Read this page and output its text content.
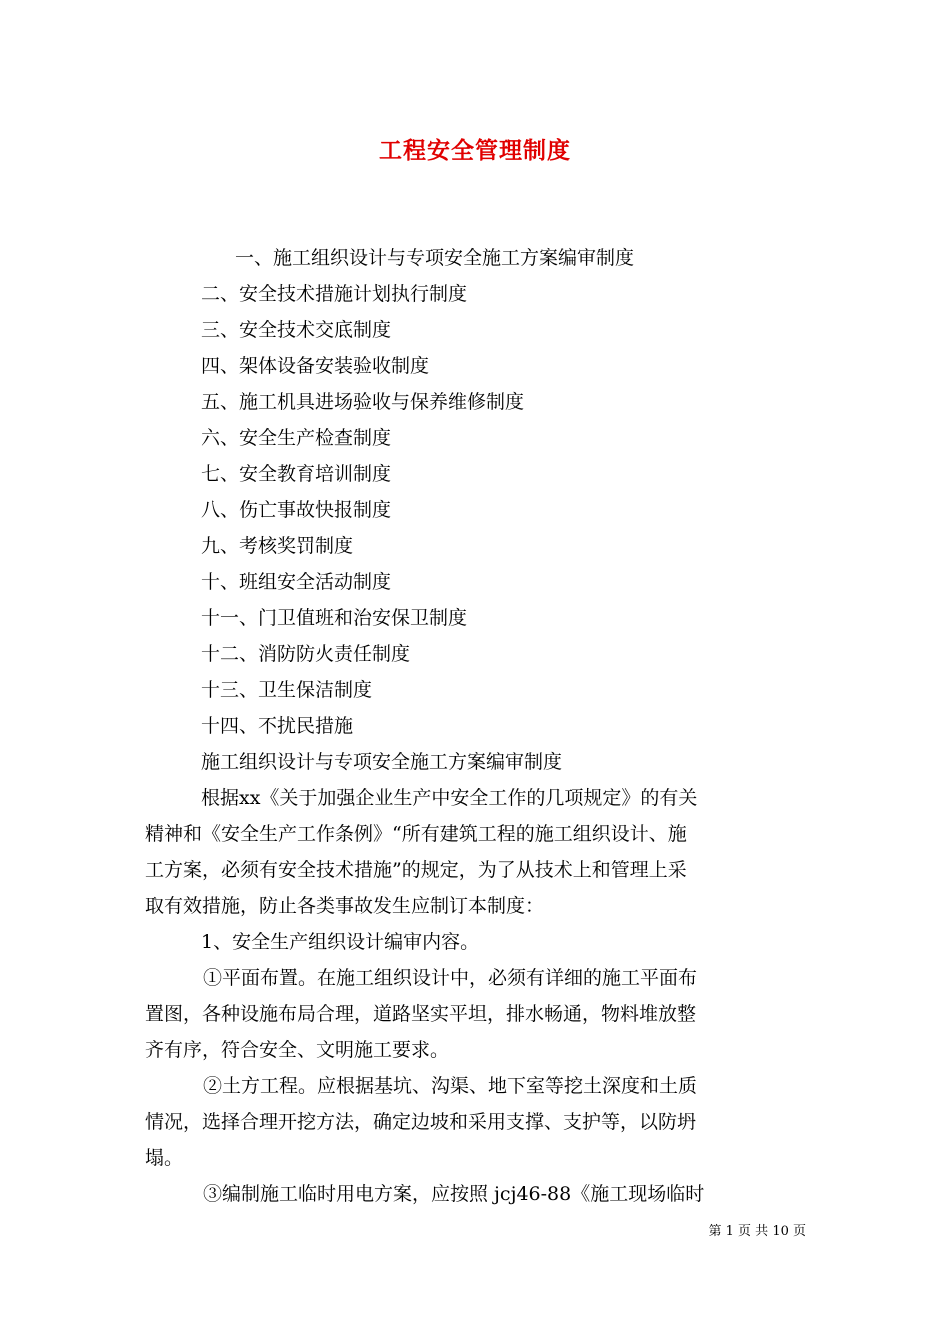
工程安全管理制度
一、施工组织设计与专项安全施工方案编审制度
二、安全技术措施计划执行制度
三、安全技术交底制度
四、架体设备安装验收制度
五、施工机具进场验收与保养维修制度
六、安全生产检查制度
七、安全教育培训制度
八、伤亡事故快报制度
九、考核奖罚制度
十、班组安全活动制度
十一、门卫值班和治安保卫制度
十二、消防防火责任制度
十三、卫生保洁制度
十四、不扰民措施

施工组织设计与专项安全施工方案编审制度

根据xx《关于加强企业生产中安全工作的几项规定》的有关

精神和《安全生产工作条例》“所有建筑工程的施工组织设计、施

工方案，必须有安全技术措施”的规定，为了从技术上和管理上采

取有效措施，防止各类事故发生应制订本制度：

1、安全生产组织设计编审内容。

①平面布置。在施工组织设计中，必须有详细的施工平面布

置图，各种设施布局合理，道路坚实平坦，排水畅通，物料堆放整

齐有序，符合安全、文明施工要求。

②土方工程。应根据基坑、沟渠、地下室等挖土深度和土质

情况，选择合理开挖方法，确定边坡和采用支撑、支护等，以防坍

塌。

③编制施工临时用电方案，应按照 jcj46-88《施工现场临时

第 1 页 共 10 页
